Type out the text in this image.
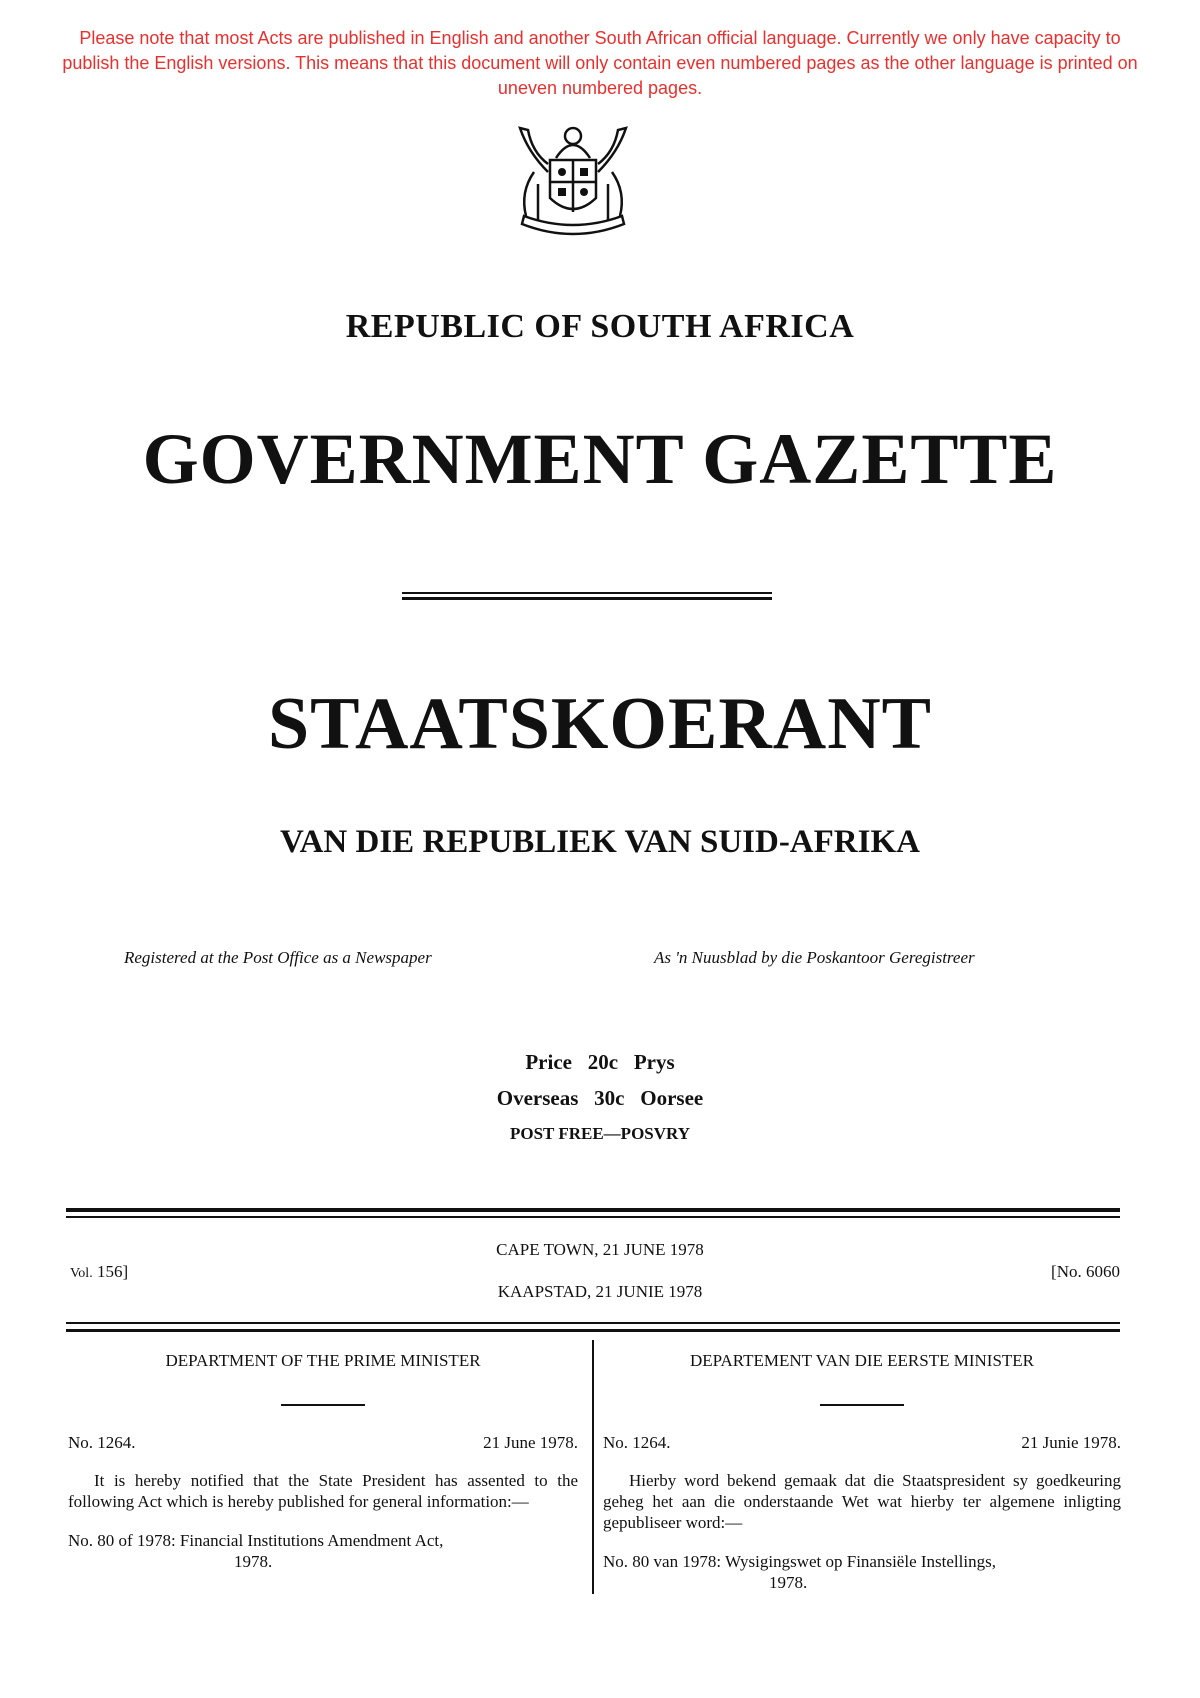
Please note that most Acts are published in English and another South African official language. Currently we only have capacity to publish the English versions. This means that this document will only contain even numbered pages as the other language is printed on uneven numbered pages.
REPUBLIC OF SOUTH AFRICA
GOVERNMENT GAZETTE
STAATSKOERANT
VAN DIE REPUBLIEK VAN SUID-AFRIKA
Registered at the Post Office as a Newspaper	As 'n Nuusblad by die Poskantoor Geregistreer
Price 20c Prys
Overseas 30c Oorsee
POST FREE—POSVRY
CAPE TOWN, 21 JUNE 1978
Vol. 156]	[No. 6060
KAAPSTAD, 21 JUNIE 1978
DEPARTMENT OF THE PRIME MINISTER
No. 1264.	21 June 1978.

It is hereby notified that the State President has assented to the following Act which is hereby published for general information:—

No. 80 of 1978: Financial Institutions Amendment Act,
1978.

DEPARTEMENT VAN DIE EERSTE MINISTER
No. 1264.	21 Junie 1978.

Hierby word bekend gemaak dat die Staatspresident sy goedkeuring geheg het aan die onderstaande Wet wat hierby ter algemene inligting gepubliseer word:—

No. 80 van 1978: Wysigingswet op Finansiële Instellings,
1978.
